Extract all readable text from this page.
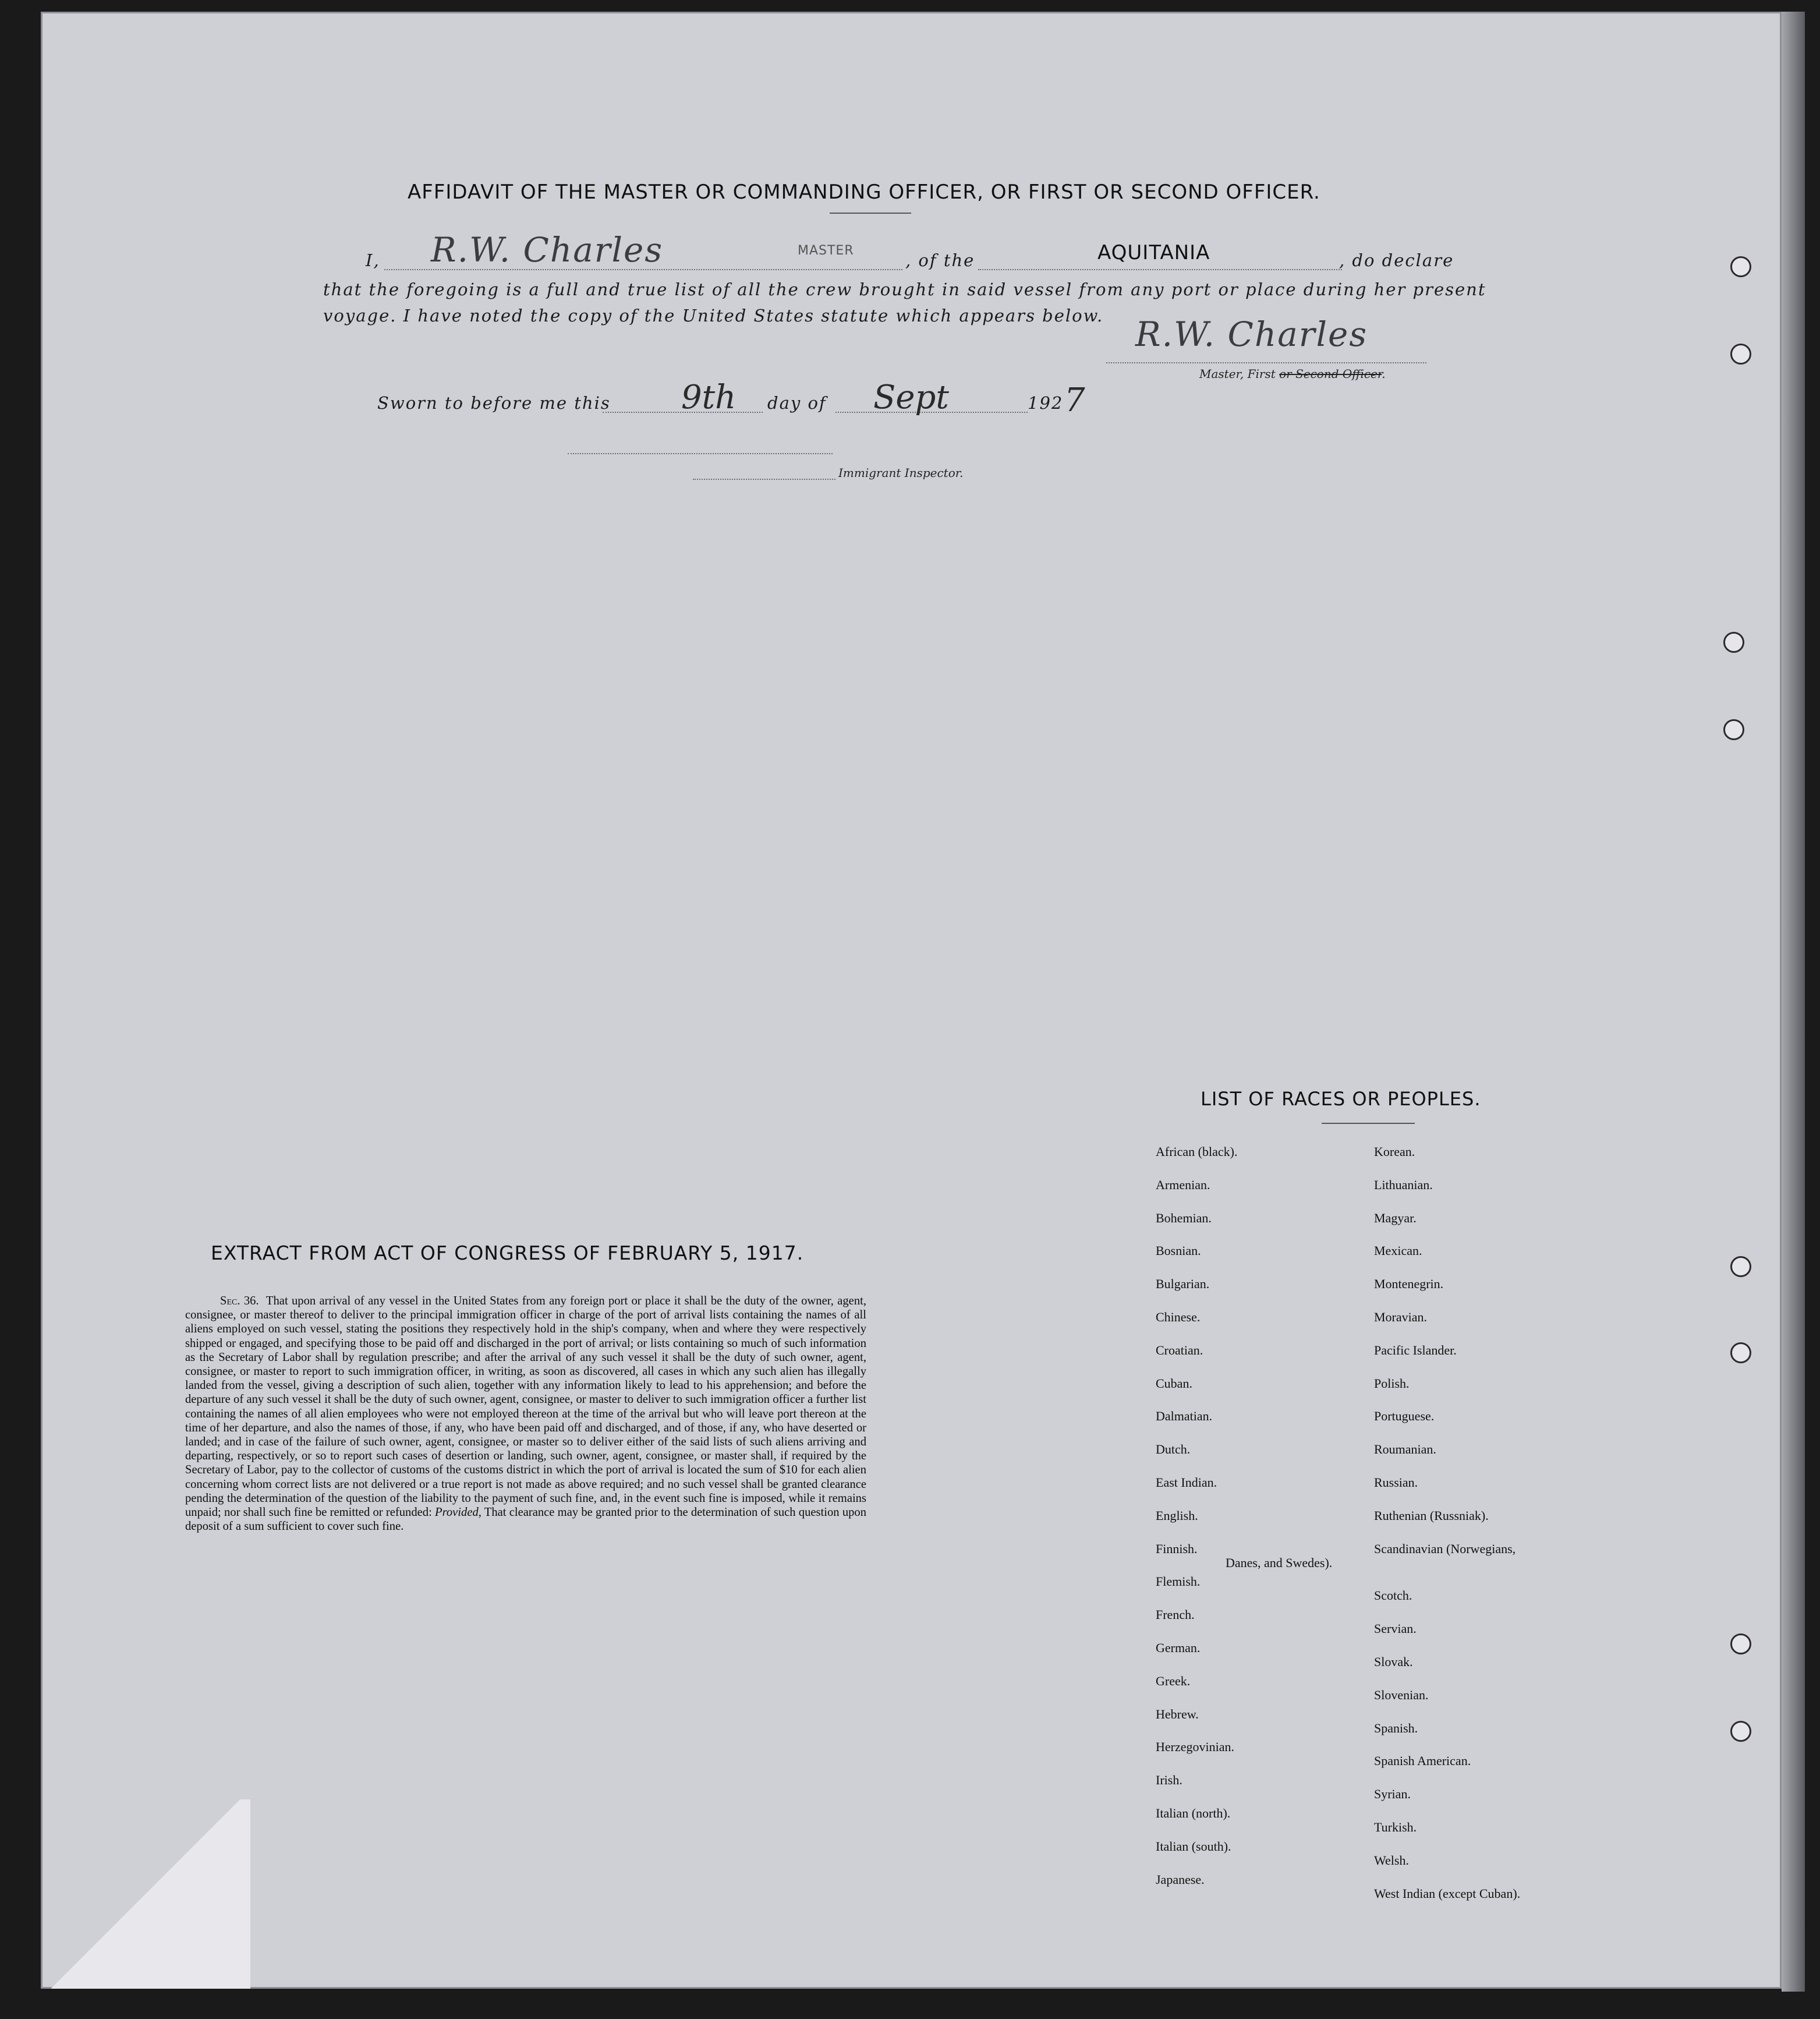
AFFIDAVIT OF THE MASTER OR COMMANDING OFFICER, OR FIRST OR SECOND OFFICER.
I, R.W. Charles	MASTER	, of the	AQUITANIA	, do declare
that the foregoing is a full and true list of all the crew brought in said vessel from any port or place during her present
voyage. I have noted the copy of the United States statute which appears below. R.W. Charles
Master, First or Second Officer.
Sworn to before me this 9th day of Sept	192 7
Immigrant Inspector.
EXTRACT FROM ACT OF CONGRESS OF FEBRUARY 5, 1917.
Sec. 36. That upon arrival of any vessel in the United States from any foreign port or place it shall be the duty of the owner, agent, consignee, or master thereof to deliver to the principal immigration officer in charge of the port of arrival lists containing the names of all aliens employed on such vessel, stating the positions they respectively hold in the ship's company, when and where they were respectively shipped or engaged, and specifying those to be paid off and discharged in the port of arrival; or lists containing so much of such information as the Secretary of Labor shall by regulation prescribe; and after the arrival of any such vessel it shall be the duty of such owner, agent, consignee, or master to report to such immigration officer, in writing, as soon as discovered, all cases in which any such alien has illegally landed from the vessel, giving a description of such alien, together with any information likely to lead to his apprehension; and before the departure of any such vessel it shall be the duty of such owner, agent, consignee, or master to deliver to such immigration officer a further list containing the names of all alien employees who were not employed thereon at the time of the arrival but who will leave port thereon at the time of her departure, and also the names of those, if any, who have been paid off and discharged, and of those, if any, who have deserted or landed; and in case of the failure of such owner, agent, consignee, or master so to deliver either of the said lists of such aliens arriving and departing, respectively, or so to report such cases of desertion or landing, such owner, agent, consignee, or master shall, if required by the Secretary of Labor, pay to the collector of customs of the customs district in which the port of arrival is located the sum of $10 for each alien concerning whom correct lists are not delivered or a true report is not made as above required; and no such vessel shall be granted clearance pending the determination of the question of the liability to the payment of such fine, and, in the event such fine is imposed, while it remains unpaid; nor shall such fine be remitted or refunded: Provided, That clearance may be granted prior to the determination of such question upon deposit of a sum sufficient to cover such fine.
LIST OF RACES OR PEOPLES.
African (black).
Armenian.
Bohemian.
Bosnian.
Bulgarian.
Chinese.
Croatian.
Cuban.
Dalmatian.
Dutch.
East Indian.
English.
Finnish.
Flemish.
French.
German.
Greek.
Hebrew.
Herzegovinian.
Irish.
Italian (north).
Italian (south).
Japanese.
Korean.
Lithuanian.
Magyar.
Mexican.
Montenegrin.
Moravian.
Pacific Islander.
Polish.
Portuguese.
Roumanian.
Russian.
Ruthenian (Russniak).
Scandinavian (Norwegians,
Danes, and Swedes).
Scotch.
Servian.
Slovak.
Slovenian.
Spanish.
Spanish American.
Syrian.
Turkish.
Welsh.
West Indian (except Cuban).
